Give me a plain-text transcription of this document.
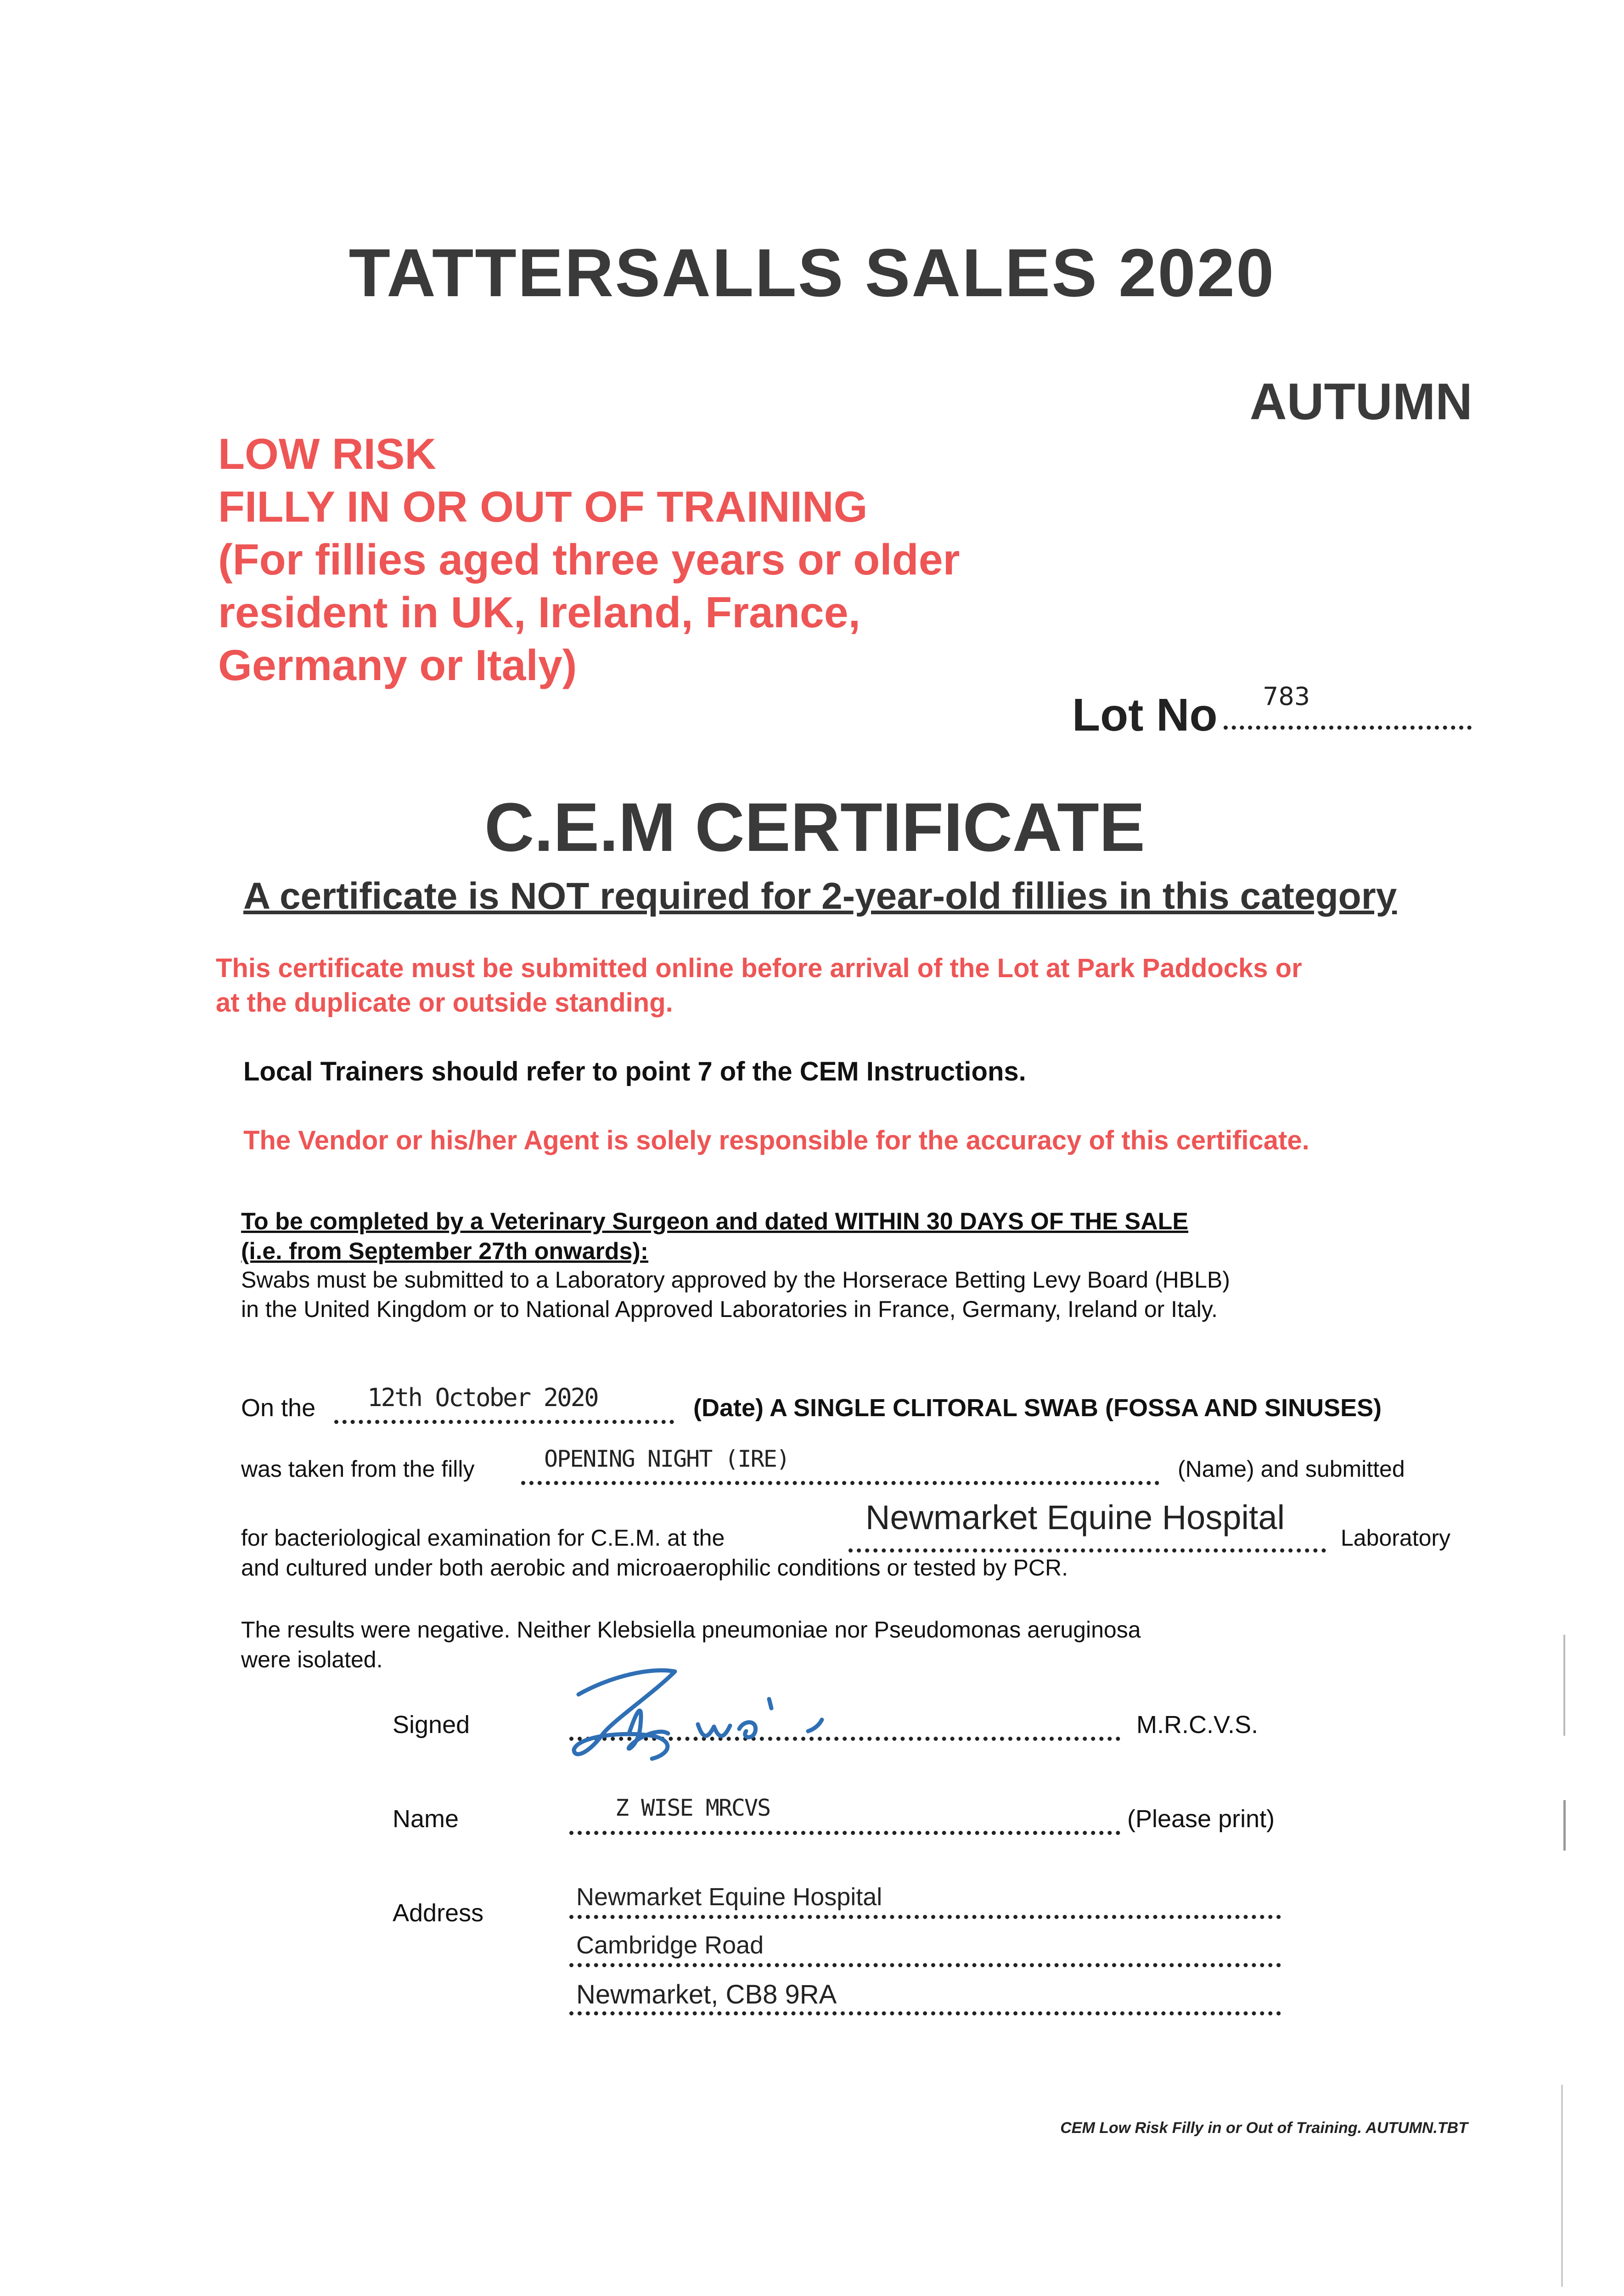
TATTERSALLS SALES 2020
AUTUMN
LOW RISK
FILLY IN OR OUT OF TRAINING
(For fillies aged three years or older
resident in UK, Ireland, France,
Germany or Italy)
Lot No 783
C.E.M CERTIFICATE
A certificate is NOT required for 2-year-old fillies in this category
This certificate must be submitted online before arrival of the Lot at Park Paddocks or
at the duplicate or outside standing.
Local Trainers should refer to point 7 of the CEM Instructions.
The Vendor or his/her Agent is solely responsible for the accuracy of this certificate.
To be completed by a Veterinary Surgeon and dated WITHIN 30 DAYS OF THE SALE
(i.e. from September 27th onwards):
Swabs must be submitted to a Laboratory approved by the Horserace Betting Levy Board (HBLB)
in the United Kingdom or to National Approved Laboratories in France, Germany, Ireland or Italy.
On the 12th October 2020	(Date) A SINGLE CLITORAL SWAB (FOSSA AND SINUSES)
was taken from the filly	OPENING NIGHT (IRE)	(Name) and submitted
for bacteriological examination for C.E.M. at the
Newmarket Equine Hospital
Laboratory
and cultured under both aerobic and microaerophilic conditions or tested by PCR.
The results were negative. Neither Klebsiella pneumoniae nor Pseudomonas aeruginosa
were isolated.
Signed	M.R.C.V.S.
Name	Z WISE MRCVS	(Please print)
Address
Newmarket Equine Hospital
Cambridge Road
Newmarket, CB8 9RA
CEM Low Risk Filly in or Out of Training. AUTUMN.TBT
